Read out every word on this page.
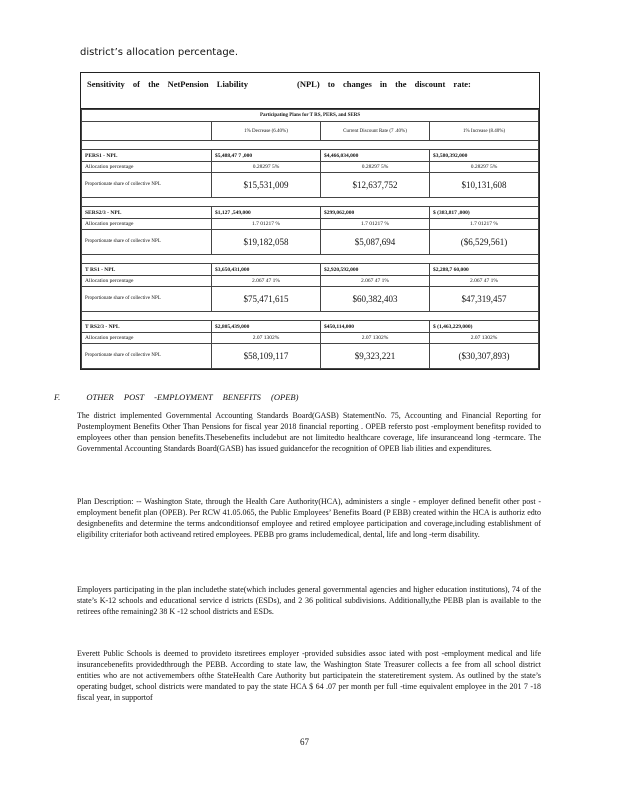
district’s allocation percentage.
Sensitivity of the NetPension Liability	(NPL) to changes in the discount rate:
Participating Plans for T RS, PERS, and SERS			
	1% Decrease (6.40%)	Current Discount Rate (7 .40%)	1% Increase (8.40%)

PERS1 - NPL	$5,488,47 7 ,000	$4,466,034,000	$3,580,392,000
Allocation percentage	0.28297 5%	0.28297 5%	0.28297 5%
Proportionate share of collective NPL	$15,531,009	$12,637,752	$10,131,608

SERS2/3 - NPL	$1,127 ,549,000	$299,062,000	$ (383,817 ,000)
Allocation percentage	1.7 01217 %	1.7 01217 %	1.7 01217 %
Proportionate share of collective NPL	$19,182,058	$5,087,694	($6,529,561)

T RS1 - NPL	$3,650,431,000	$2,920,592,000	$2,288,7 60,000
Allocation percentage	2.067 47 1%	2.067 47 1%	2.067 47 1%
Proportionate share of collective NPL	$75,471,615	$60,382,403	$47,319,457

T RS2/3 - NPL	$2,805,439,000	$450,114,000	$ (1,463,229,000)
Allocation percentage	2.07 1302%	2.07 1302%	2.07 1302%
Proportionate share of collective NPL	$58,109,117	$9,323,221	($30,307,893)
F.	OTHER POST -EMPLOYMENT BENEFITS (OPEB)

The district implemented Governmental Accounting Standards Board(GASB) StatementNo. 75, Accounting and Financial Reporting for Postemployment Benefits Other Than Pensions for fiscal year 2018 financial reporting . OPEB refersto post -employment benefitsp rovided to employees other than pension benefits.Thesebenefits includebut are not limitedto healthcare coverage, life insuranceand long -termcare. The Governmental Accounting Standards Board(GASB) has issued guidancefor the recognition of OPEB liab ilities and expenditures.

Plan Description: -- Washington State, through the Health Care Authority(HCA), administers a single - employer defined benefit other post -employment benefit plan (OPEB). Per RCW 41.05.065, the Public Employees’ Benefits Board (P EBB) created within the HCA is authoriz edto designbenefits and determine the terms andconditionsof employee and retired employee participation and coverage,including establishment of eligibility criteriafor both activeand retired employees. PEBB pro grams includemedical, dental, life and long -term disability.

Employers participating in the plan includethe state(which includes general governmental agencies and higher education institutions), 74 of the state’s K-12 schools and educational service d istricts (ESDs), and 2 36 political subdivisions. Additionally,the PEBB plan is available to the retirees ofthe remaining2 38 K -12 school districts and ESDs.

Everett Public Schools is deemed to provideto itsretirees employer -provided subsidies assoc iated with post -employment medical and life insurancebenefits providedthrough the PEBB. According to state law, the Washington State Treasurer collects a fee from all school district entities who are not activemembers ofthe StateHealth Care Authority but participatein the stateretirement system. As outlined by the state’s operating budget, school districts were mandated to pay the state HCA $ 64 .07 per month per full -time equivalent employee in the 201 7 -18 fiscal year, in supportof

67
